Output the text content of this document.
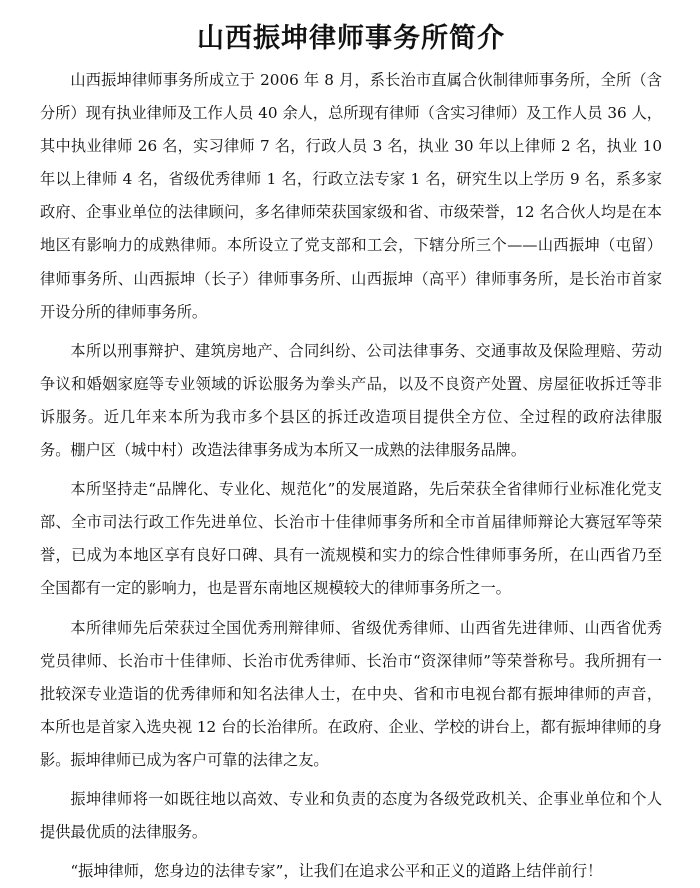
山西振坤律师事务所简介

山西振坤律师事务所成立于 2006 年 8 月，系长治市直属合伙制律师事务所，全所（含分所）现有执业律师及工作人员 40 余人，总所现有律师（含实习律师）及工作人员 36 人，其中执业律师 26 名，实习律师 7 名，行政人员 3 名，执业 30 年以上律师 2 名，执业 10 年以上律师 4 名，省级优秀律师 1 名，行政立法专家 1 名，研究生以上学历 9 名，系多家政府、企事业单位的法律顾问，多名律师荣获国家级和省、市级荣誉，12 名合伙人均是在本地区有影响力的成熟律师。本所设立了党支部和工会，下辖分所三个——山西振坤（屯留）律师事务所、山西振坤（长子）律师事务所、山西振坤（高平）律师事务所，是长治市首家开设分所的律师事务所。

本所以刑事辩护、建筑房地产、合同纠纷、公司法律事务、交通事故及保险理赔、劳动争议和婚姻家庭等专业领域的诉讼服务为拳头产品，以及不良资产处置、房屋征收拆迁等非诉服务。近几年来本所为我市多个县区的拆迁改造项目提供全方位、全过程的政府法律服务。棚户区（城中村）改造法律事务成为本所又一成熟的法律服务品牌。

本所坚持走“品牌化、专业化、规范化”的发展道路，先后荣获全省律师行业标准化党支部、全市司法行政工作先进单位、长治市十佳律师事务所和全市首届律师辩论大赛冠军等荣誉，已成为本地区享有良好口碑、具有一流规模和实力的综合性律师事务所，在山西省乃至全国都有一定的影响力，也是晋东南地区规模较大的律师事务所之一。

本所律师先后荣获过全国优秀刑辩律师、省级优秀律师、山西省先进律师、山西省优秀党员律师、长治市十佳律师、长治市优秀律师、长治市“资深律师”等荣誉称号。我所拥有一批较深专业造诣的优秀律师和知名法律人士，在中央、省和市电视台都有振坤律师的声音，本所也是首家入选央视 12 台的长治律所。在政府、企业、学校的讲台上，都有振坤律师的身影。振坤律师已成为客户可靠的法律之友。

振坤律师将一如既往地以高效、专业和负责的态度为各级党政机关、企事业单位和个人提供最优质的法律服务。

“振坤律师，您身边的法律专家”，让我们在追求公平和正义的道路上结伴前行！
